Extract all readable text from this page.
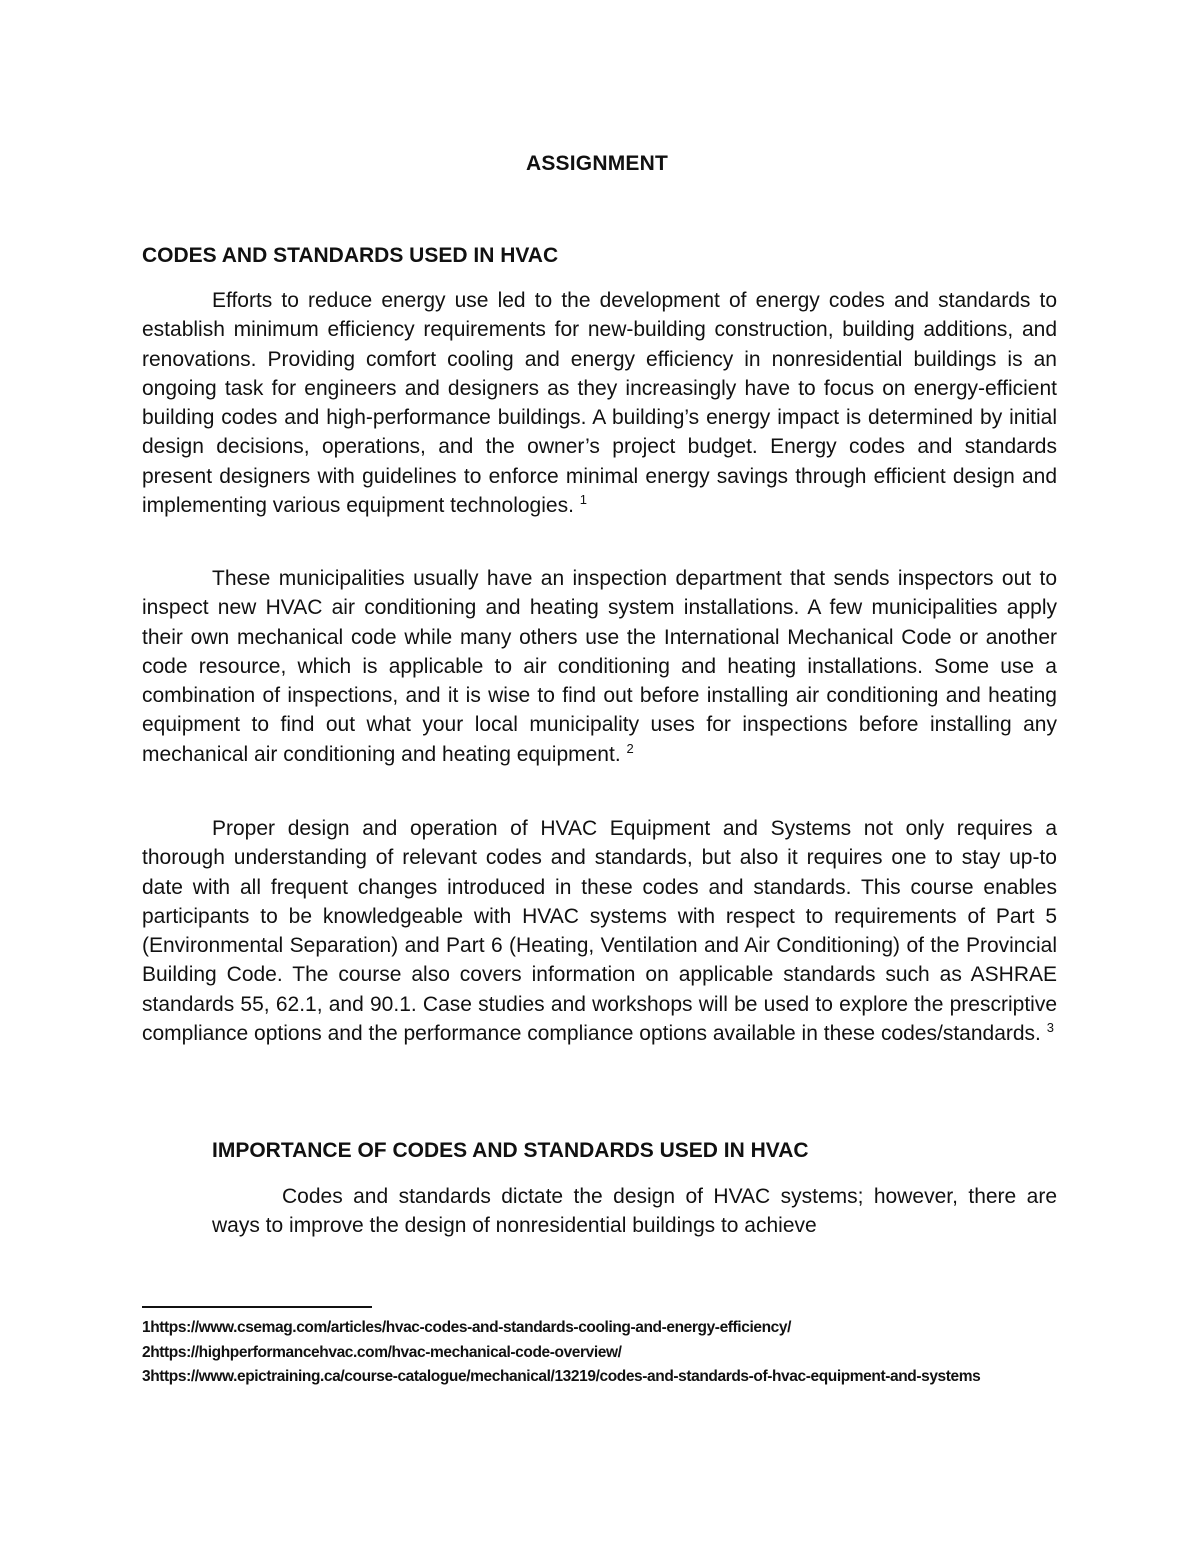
ASSIGNMENT
CODES AND STANDARDS USED IN HVAC

Efforts to reduce energy use led to the development of energy codes and standards to establish minimum efficiency requirements for new-building construction, building additions, and renovations. Providing comfort cooling and energy efficiency in nonresidential buildings is an ongoing task for engineers and designers as they increasingly have to focus on energy-efficient building codes and high-performance buildings. A building’s energy impact is determined by initial design decisions, operations, and the owner’s project budget. Energy codes and standards present designers with guidelines to enforce minimal energy savings through efficient design and implementing various equipment technologies. $^1$

These municipalities usually have an inspection department that sends inspectors out to inspect new HVAC air conditioning and heating system installations. A few municipalities apply their own mechanical code while many others use the International Mechanical Code or another code resource, which is applicable to air conditioning and heating installations. Some use a combination of inspections, and it is wise to find out before installing air conditioning and heating equipment to find out what your local municipality uses for inspections before installing any mechanical air conditioning and heating equipment. $^2$

Proper design and operation of HVAC Equipment and Systems not only requires a thorough understanding of relevant codes and standards, but also it requires one to stay up-to date with all frequent changes introduced in these codes and standards. This course enables participants to be knowledgeable with HVAC systems with respect to requirements of Part 5 (Environmental Separation) and Part 6 (Heating, Ventilation and Air Conditioning) of the Provincial Building Code. The course also covers information on applicable standards such as ASHRAE standards 55, 62.1, and 90.1. Case studies and workshops will be used to explore the prescriptive compliance options and the performance compliance options available in these codes/standards. $^3$

IMPORTANCE OF CODES AND STANDARDS USED IN HVAC

Codes and standards dictate the design of HVAC systems; however, there are ways to improve the design of nonresidential buildings to achieve

1https://www.csemag.com/articles/hvac-codes-and-standards-cooling-and-energy-efficiency/
2https://highperformancehvac.com/hvac-mechanical-code-overview/
3https://www.epictraining.ca/course-catalogue/mechanical/13219/codes-and-standards-of-hvac-equipment-and-systems
